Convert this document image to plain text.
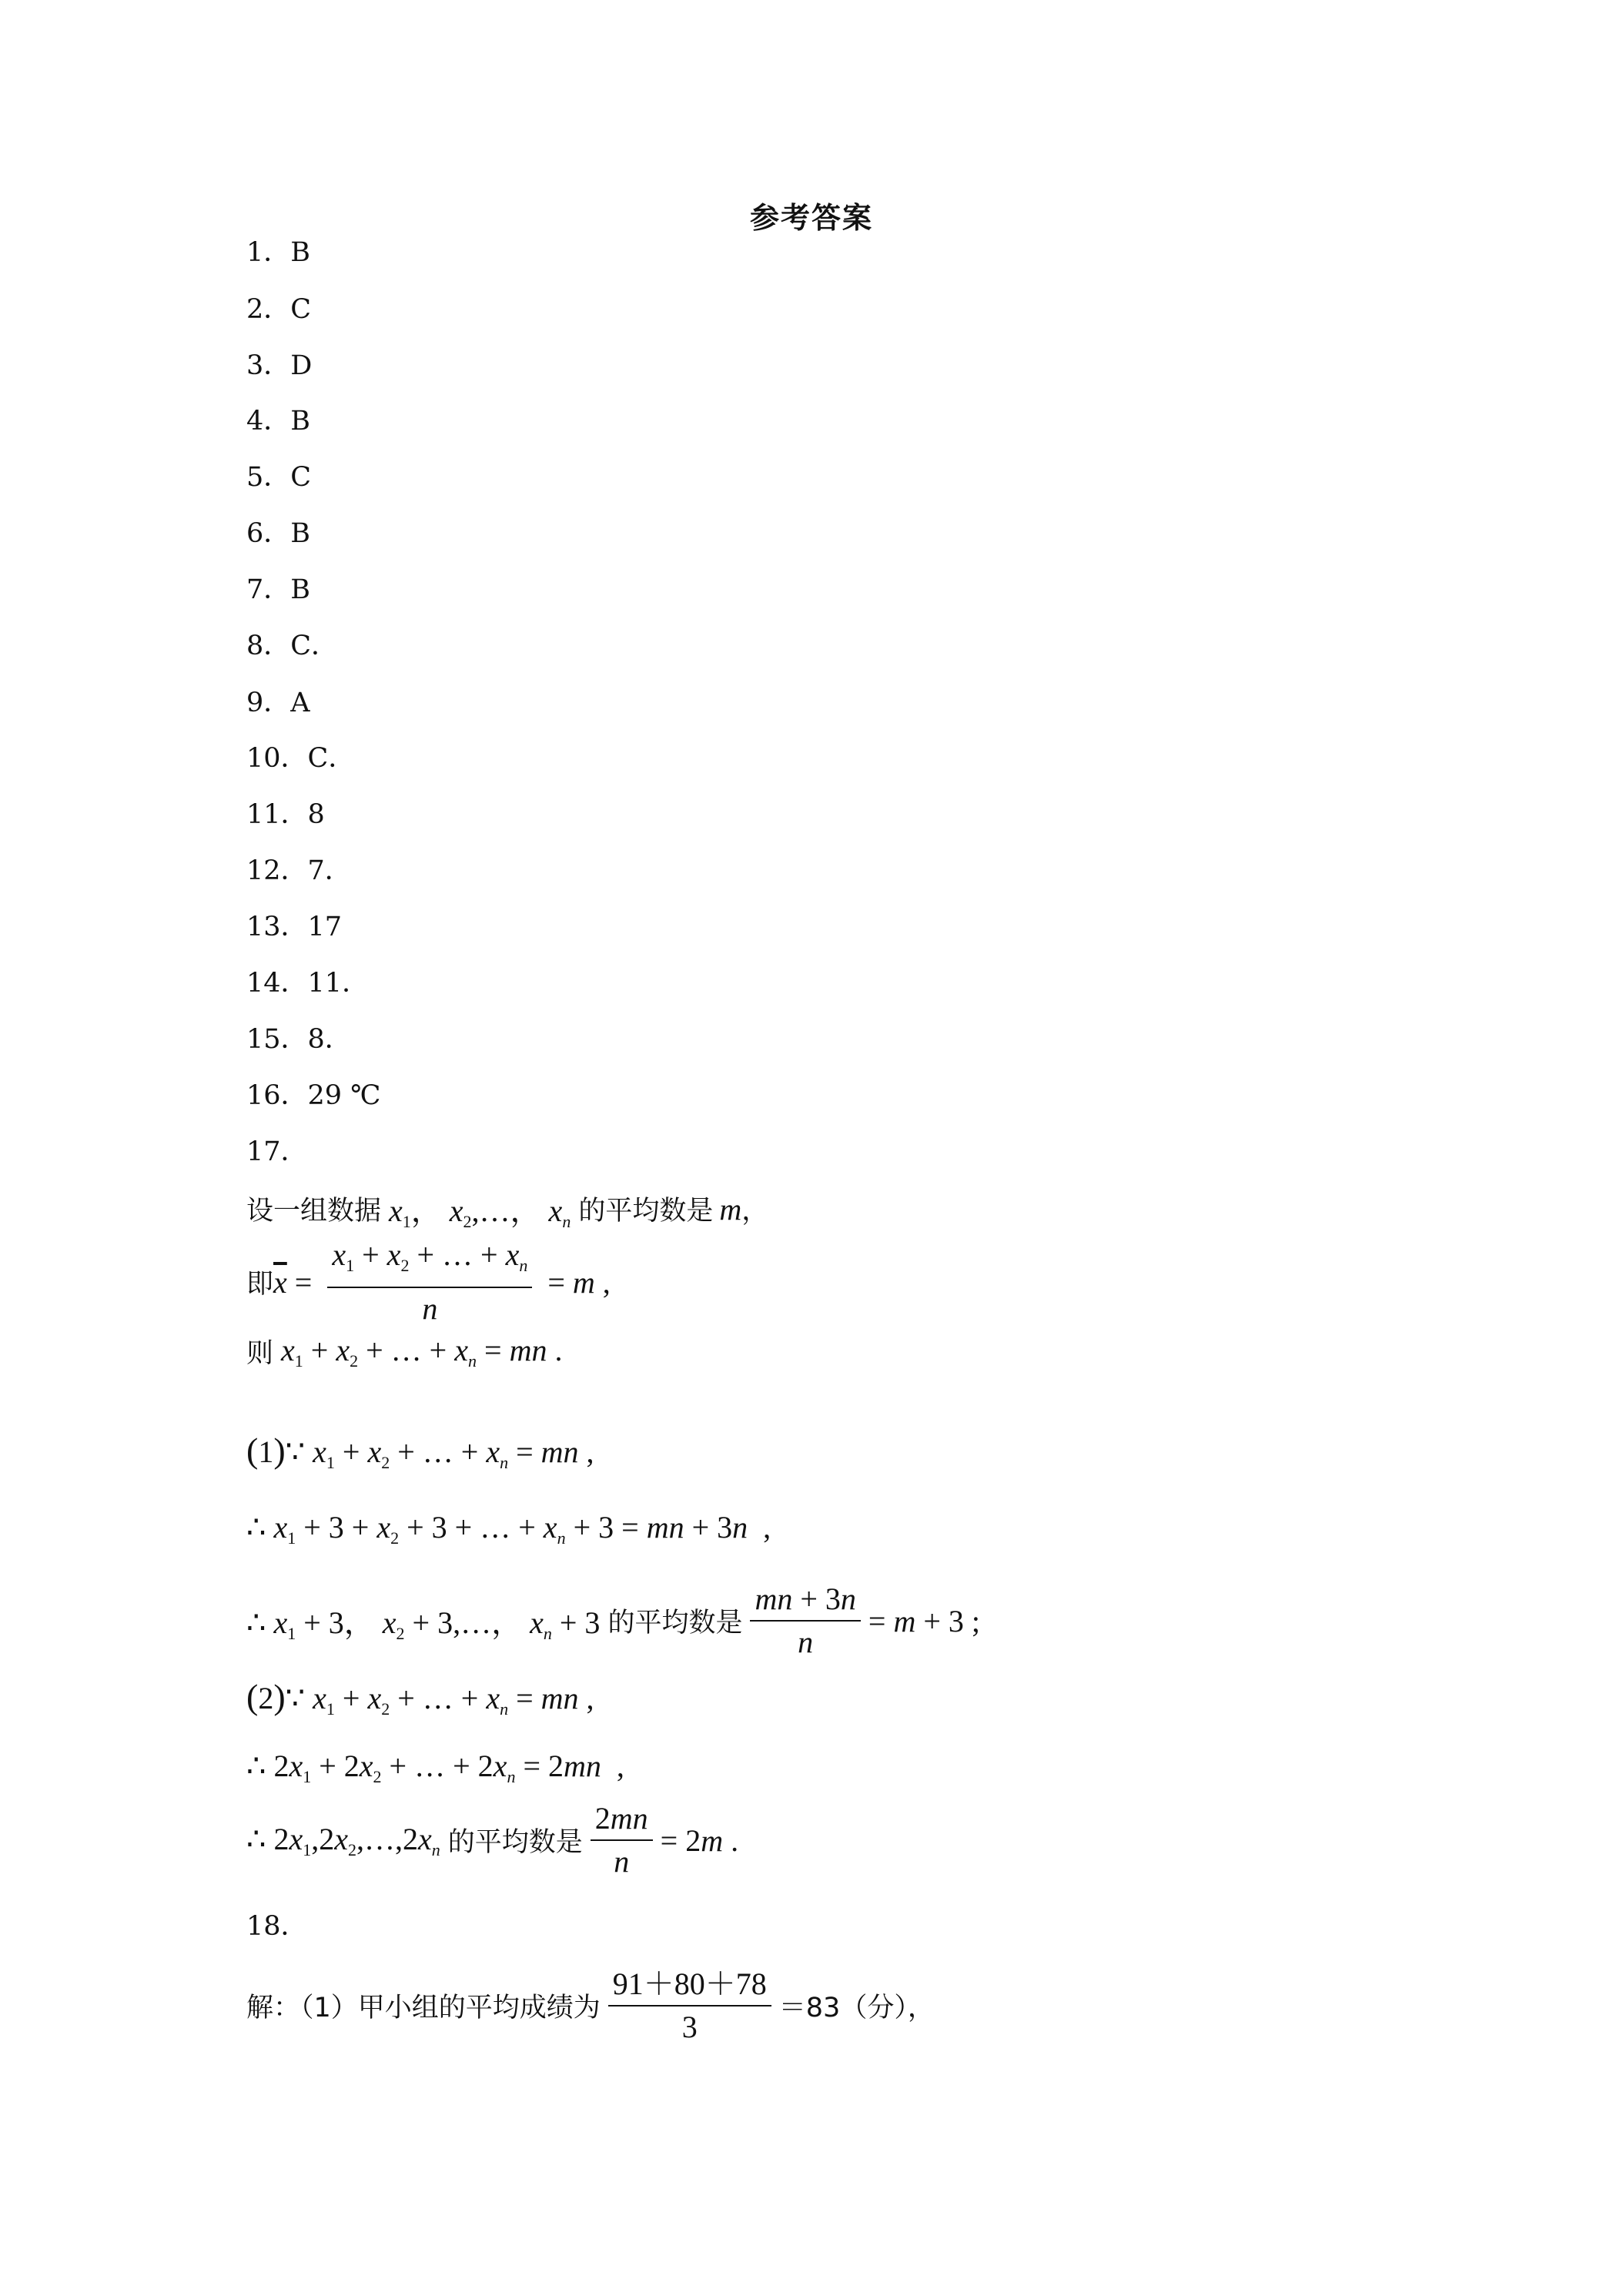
参考答案
1．B
2．C
3．D
4．B
5．C
6．B
7．B
8．C．
9．A
10．C．
11．8
12．7．
13．17
14．11．
15．8．
16．29 ℃
17．
设一组数据 $x_1$， $x_2,\dots$， $x_n$ 的平均数是 m ，
即 $\overline{x} = \frac{x_1 + x_2 + \dots + x_n}{n} = m$ ,
则 $x_1 + x_2$ + … + $x_n$ = mn .
(1)∵ $x_1 + x_2$ + … + $x_n$ = mn ,
∴ $x_1 + 3 + x_2 + 3$ + … + $x_n + 3$ = mn + 3n  ,
∴ $x_1 + 3$， $x_2$ + 3,…， $x_n + 3$ 的平均数是 $\frac{mn + 3n}{n} = m + 3$ ;
(2)∵ $x_1 + x_2$ + … + $x_n$ = mn ,
∴ $2x_1 + 2x_2$ + … + $2x_n = 2mn$  ,
∴ $2x_1,2x_2,\dots,2x_n$ 的平均数是 $\frac{2mn}{n} = 2m$ .
18．
解：（1）甲小组的平均成绩为 $\frac{91+80+78}{3} =83$（分），
